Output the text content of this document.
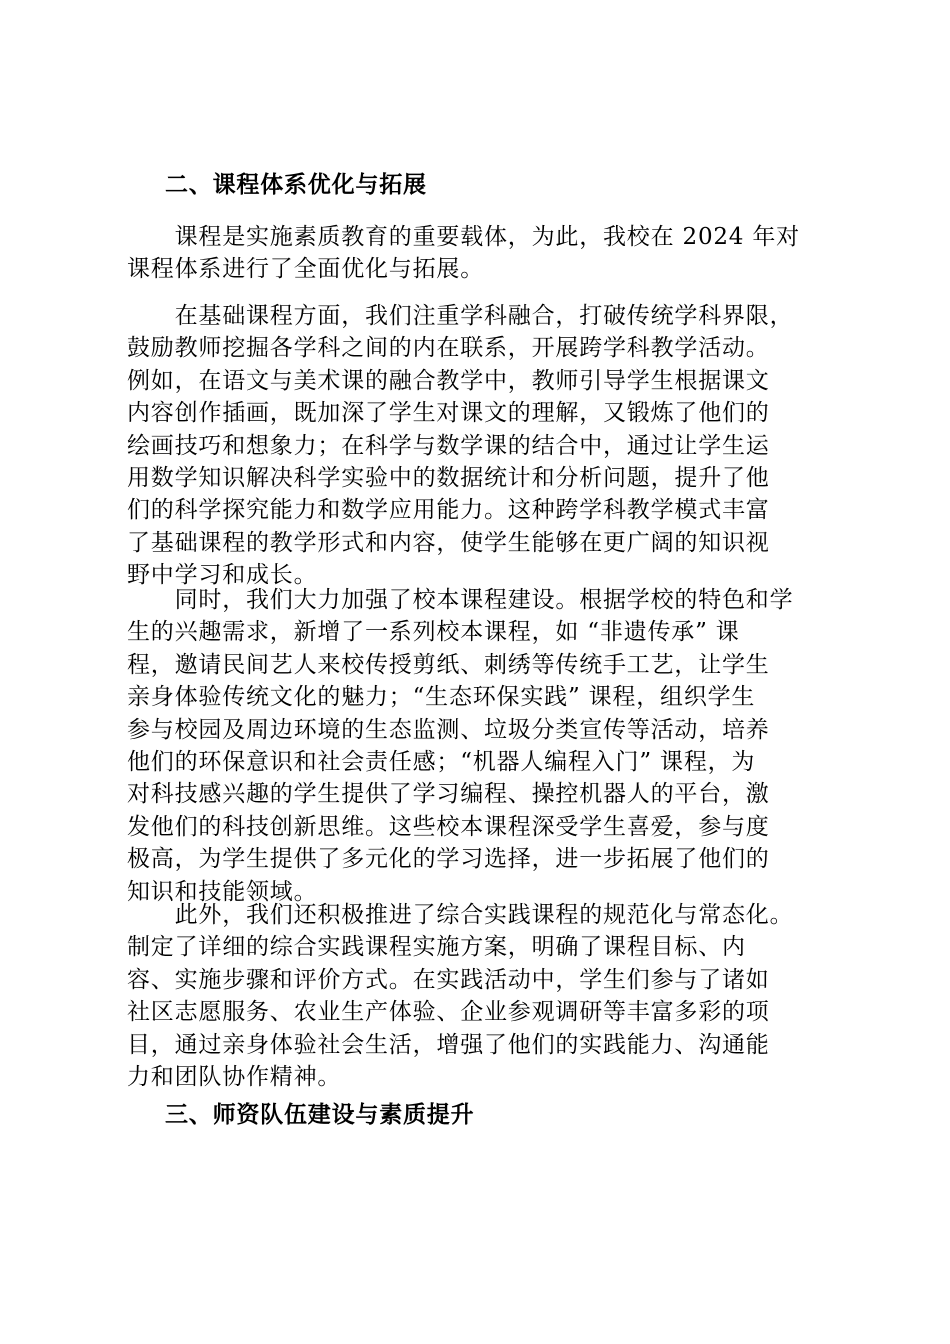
二、课程体系优化与拓展

　　课程是实施素质教育的重要载体，为此，我校在 2024 年对
课程体系进行了全面优化与拓展。
　　在基础课程方面，我们注重学科融合，打破传统学科界限，
鼓励教师挖掘各学科之间的内在联系，开展跨学科教学活动。
例如，在语文与美术课的融合教学中，教师引导学生根据课文
内容创作插画，既加深了学生对课文的理解，又锻炼了他们的
绘画技巧和想象力；在科学与数学课的结合中，通过让学生运
用数学知识解决科学实验中的数据统计和分析问题，提升了他
们的科学探究能力和数学应用能力。这种跨学科教学模式丰富
了基础课程的教学形式和内容，使学生能够在更广阔的知识视
野中学习和成长。
　　同时，我们大力加强了校本课程建设。根据学校的特色和学
生的兴趣需求，新增了一系列校本课程，如 “非遗传承” 课
程，邀请民间艺人来校传授剪纸、刺绣等传统手工艺，让学生
亲身体验传统文化的魅力；“生态环保实践” 课程，组织学生
参与校园及周边环境的生态监测、垃圾分类宣传等活动，培养
他们的环保意识和社会责任感；“机器人编程入门” 课程，为
对科技感兴趣的学生提供了学习编程、操控机器人的平台，激
发他们的科技创新思维。这些校本课程深受学生喜爱，参与度
极高，为学生提供了多元化的学习选择，进一步拓展了他们的
知识和技能领域。
　　此外，我们还积极推进了综合实践课程的规范化与常态化。
制定了详细的综合实践课程实施方案，明确了课程目标、内
容、实施步骤和评价方式。在实践活动中，学生们参与了诸如
社区志愿服务、农业生产体验、企业参观调研等丰富多彩的项
目，通过亲身体验社会生活，增强了他们的实践能力、沟通能
力和团队协作精神。

三、师资队伍建设与素质提升
